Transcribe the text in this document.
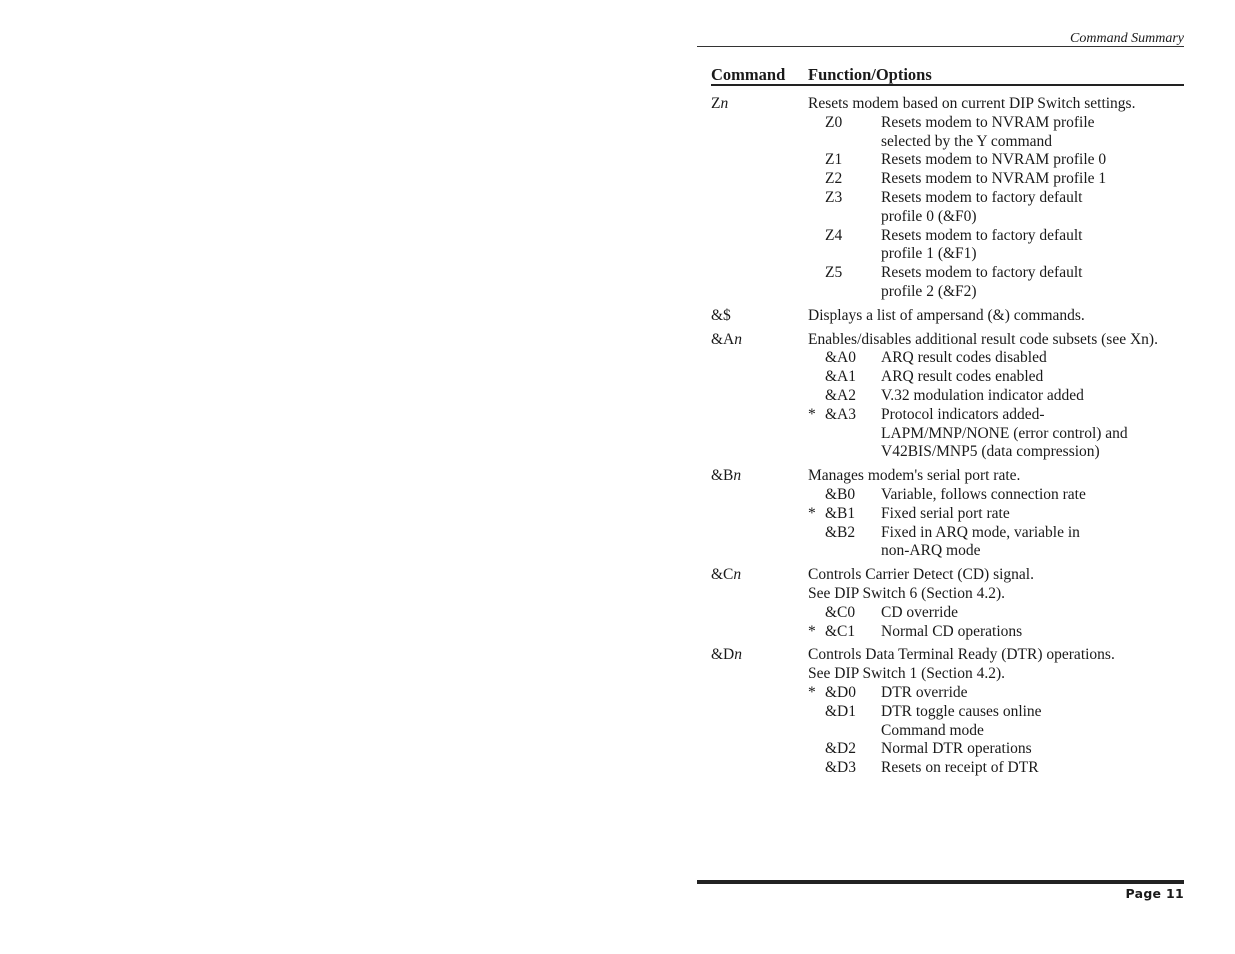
Command Summary
Command Function/Options
Zn	Resets modem based on current DIP Switch settings.
Z0	Resets modem to NVRAM profile
selected by the Y command
Z1	Resets modem to NVRAM profile 0
Z2	Resets modem to NVRAM profile 1
Z3	Resets modem to factory default
profile 0 (&F0)
Z4	Resets modem to factory default
profile 1 (&F1)
Z5	Resets modem to factory default
profile 2 (&F2)
&$	Displays a list of ampersand (&) commands.
&An	Enables/disables additional result code subsets (see Xn).
&A0 ARQ result codes disabled
&A1 ARQ result codes enabled
&A2 V.32 modulation indicator added
* &A3 Protocol indicators added-
LAPM/MNP/NONE (error control) and
V42BIS/MNP5 (data compression)
&Bn	Manages modem's serial port rate.
&B0 Variable, follows connection rate
* &B1 Fixed serial port rate
&B2 Fixed in ARQ mode, variable in
non-ARQ mode
&Cn	Controls Carrier Detect (CD) signal.
See DIP Switch 6 (Section 4.2).
&C0 CD override
* &C1 Normal CD operations
&Dn	Controls Data Terminal Ready (DTR) operations.
See DIP Switch 1 (Section 4.2).
* &D0 DTR override
&D1 DTR toggle causes online
Command mode
&D2 Normal DTR operations
&D3 Resets on receipt of DTR
Page 11
